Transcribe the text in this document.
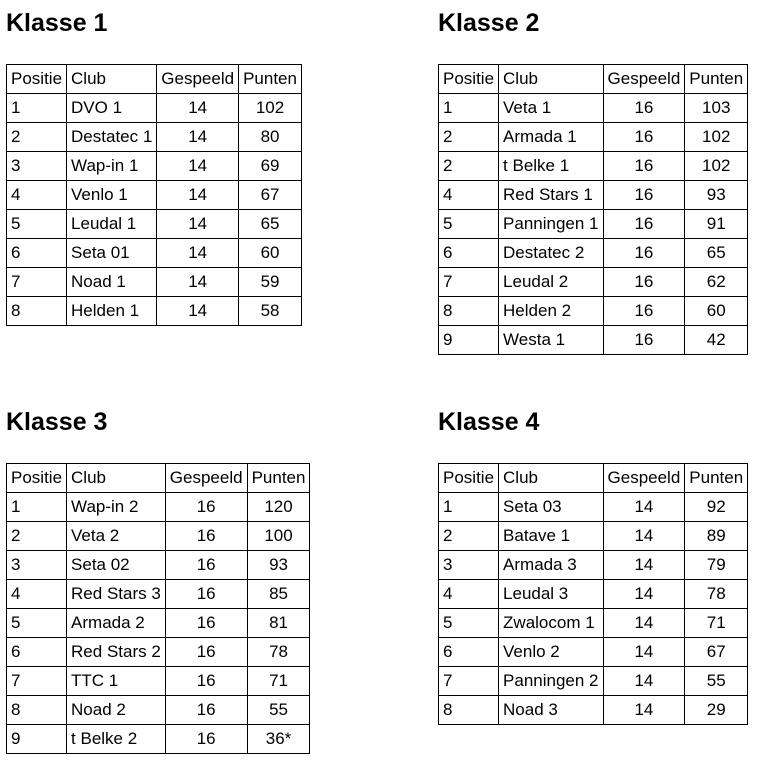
Klasse 1
Positie	Club	Gespeeld	Punten
1	DVO 1	14	102
2	Destatec 1	14	80
3	Wap-in 1	14	69
4	Venlo 1	14	67
5	Leudal 1	14	65
6	Seta 01	14	60
7	Noad 1	14	59
8	Helden 1	14	58
Klasse 2
Positie	Club	Gespeeld	Punten
1	Veta 1	16	103
2	Armada 1	16	102
2	t Belke 1	16	102
4	Red Stars 1	16	93
5	Panningen 1	16	91
6	Destatec 2	16	65
7	Leudal 2	16	62
8	Helden 2	16	60
9	Westa 1	16	42
Klasse 3
Positie	Club	Gespeeld	Punten
1	Wap-in 2	16	120
2	Veta 2	16	100
3	Seta 02	16	93
4	Red Stars 3	16	85
5	Armada 2	16	81
6	Red Stars 2	16	78
7	TTC 1	16	71
8	Noad 2	16	55
9	t Belke 2	16	36*
Klasse 4
Positie	Club	Gespeeld	Punten
1	Seta 03	14	92
2	Batave 1	14	89
3	Armada 3	14	79
4	Leudal 3	14	78
5	Zwalocom 1	14	71
6	Venlo 2	14	67
7	Panningen 2	14	55
8	Noad 3	14	29
